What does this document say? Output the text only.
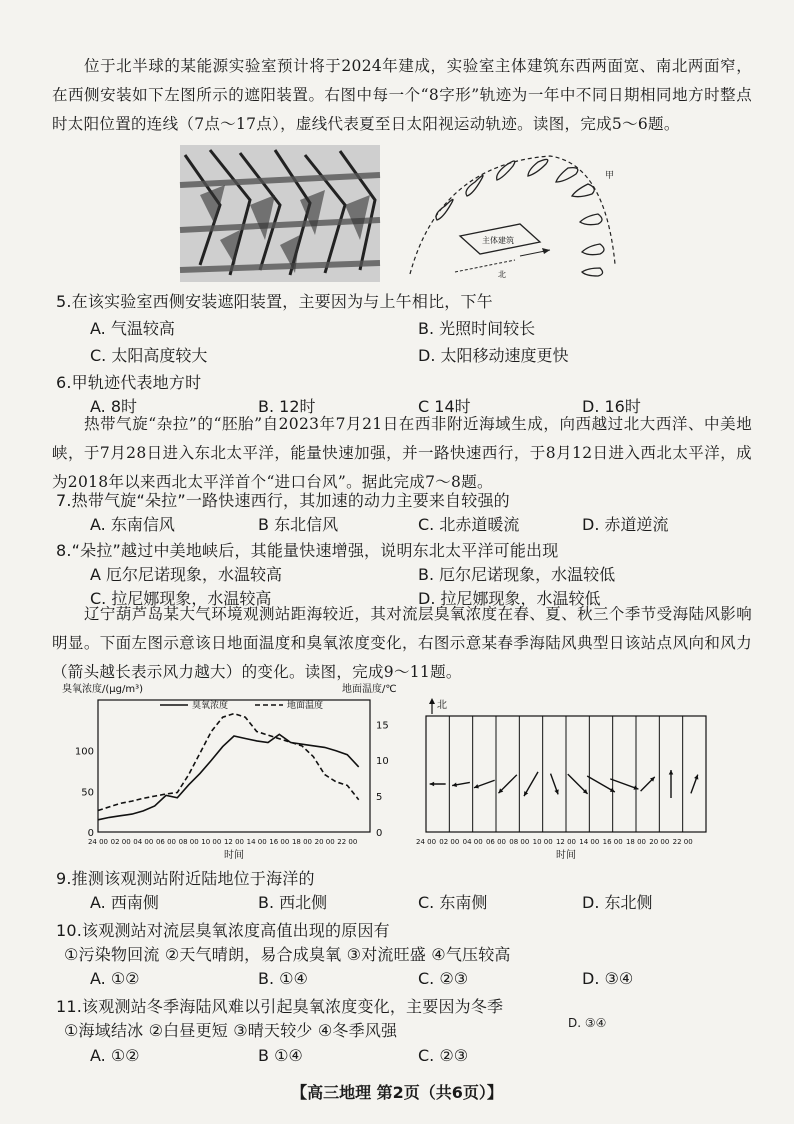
位于北半球的某能源实验室预计将于2024年建成，实验室主体建筑东西两面宽、南北两面窄，在西侧安装如下左图所示的遮阳装置。右图中每一个“8字形”轨迹为一年中不同日期相同地方时整点时太阳位置的连线（7点～17点），虚线代表夏至日太阳视运动轨迹。读图，完成5～6题。
甲
主体建筑
北
5.在该实验室西侧安装遮阳装置，主要因为与上午相比，下午
A. 气温较高	B. 光照时间较长
C. 太阳高度较大	D. 太阳移动速度更快
6.甲轨迹代表地方时
A. 8时	B. 12时	C 14时	D. 16时
热带气旋“杂拉”的“胚胎”自2023年7月21日在西非附近海域生成，向西越过北大西洋、中美地峡，于7月28日进入东北太平洋，能量快速加强，并一路快速西行，于8月12日进入西北太平洋，成为2018年以来西北太平洋首个“进口台风”。据此完成7～8题。
7.热带气旋“朵拉”一路快速西行，其加速的动力主要来自较强的
A. 东南信风	B 东北信风	C. 北赤道暖流	D. 赤道逆流
8.“朵拉”越过中美地峡后，其能量快速增强，说明东北太平洋可能出现
A 厄尔尼诺现象，水温较高	B. 厄尔尼诺现象，水温较低
C. 拉尼娜现象，水温较高	D. 拉尼娜现象，水温较低
辽宁葫芦岛某大气环境观测站距海较近，其对流层臭氧浓度在春、夏、秋三个季节受海陆风影响明显。下面左图示意该日地面温度和臭氧浓度变化，右图示意某春季海陆风典型日该站点风向和风力（箭头越长表示风力越大）的变化。读图，完成9～11题。
臭氧浓度/(μg/m³)	地面温度/℃
时间
0
50
100
0
5
10
15
24 00 02 00 04 00 06 00 08 00 10 00 12 00 14 00 16 00 18 00 20 00 22 00
臭氧浓度	地面温度	北
24 00 02 00 04 00 06 00 08 00 10 00 12 00 14 00 16 00 18 00 20 00 22 00
时间
9.推测该观测站附近陆地位于海洋的
A. 西南侧	B. 西北侧	C. 东南侧	D. 东北侧
10.该观测站对流层臭氧浓度高值出现的原因有
①污染物回流 ②天气晴朗，易合成臭氧 ③对流旺盛 ④气压较高
A. ①②	B. ①④	C. ②③	D. ③④
11.该观测站冬季海陆风难以引起臭氧浓度变化，主要因为冬季
①海域结冰 ②白昼更短 ③晴天较少 ④冬季风强	D. ③④
A. ①②	B ①④	C. ②③
【高三地理 第2页（共6页）】
